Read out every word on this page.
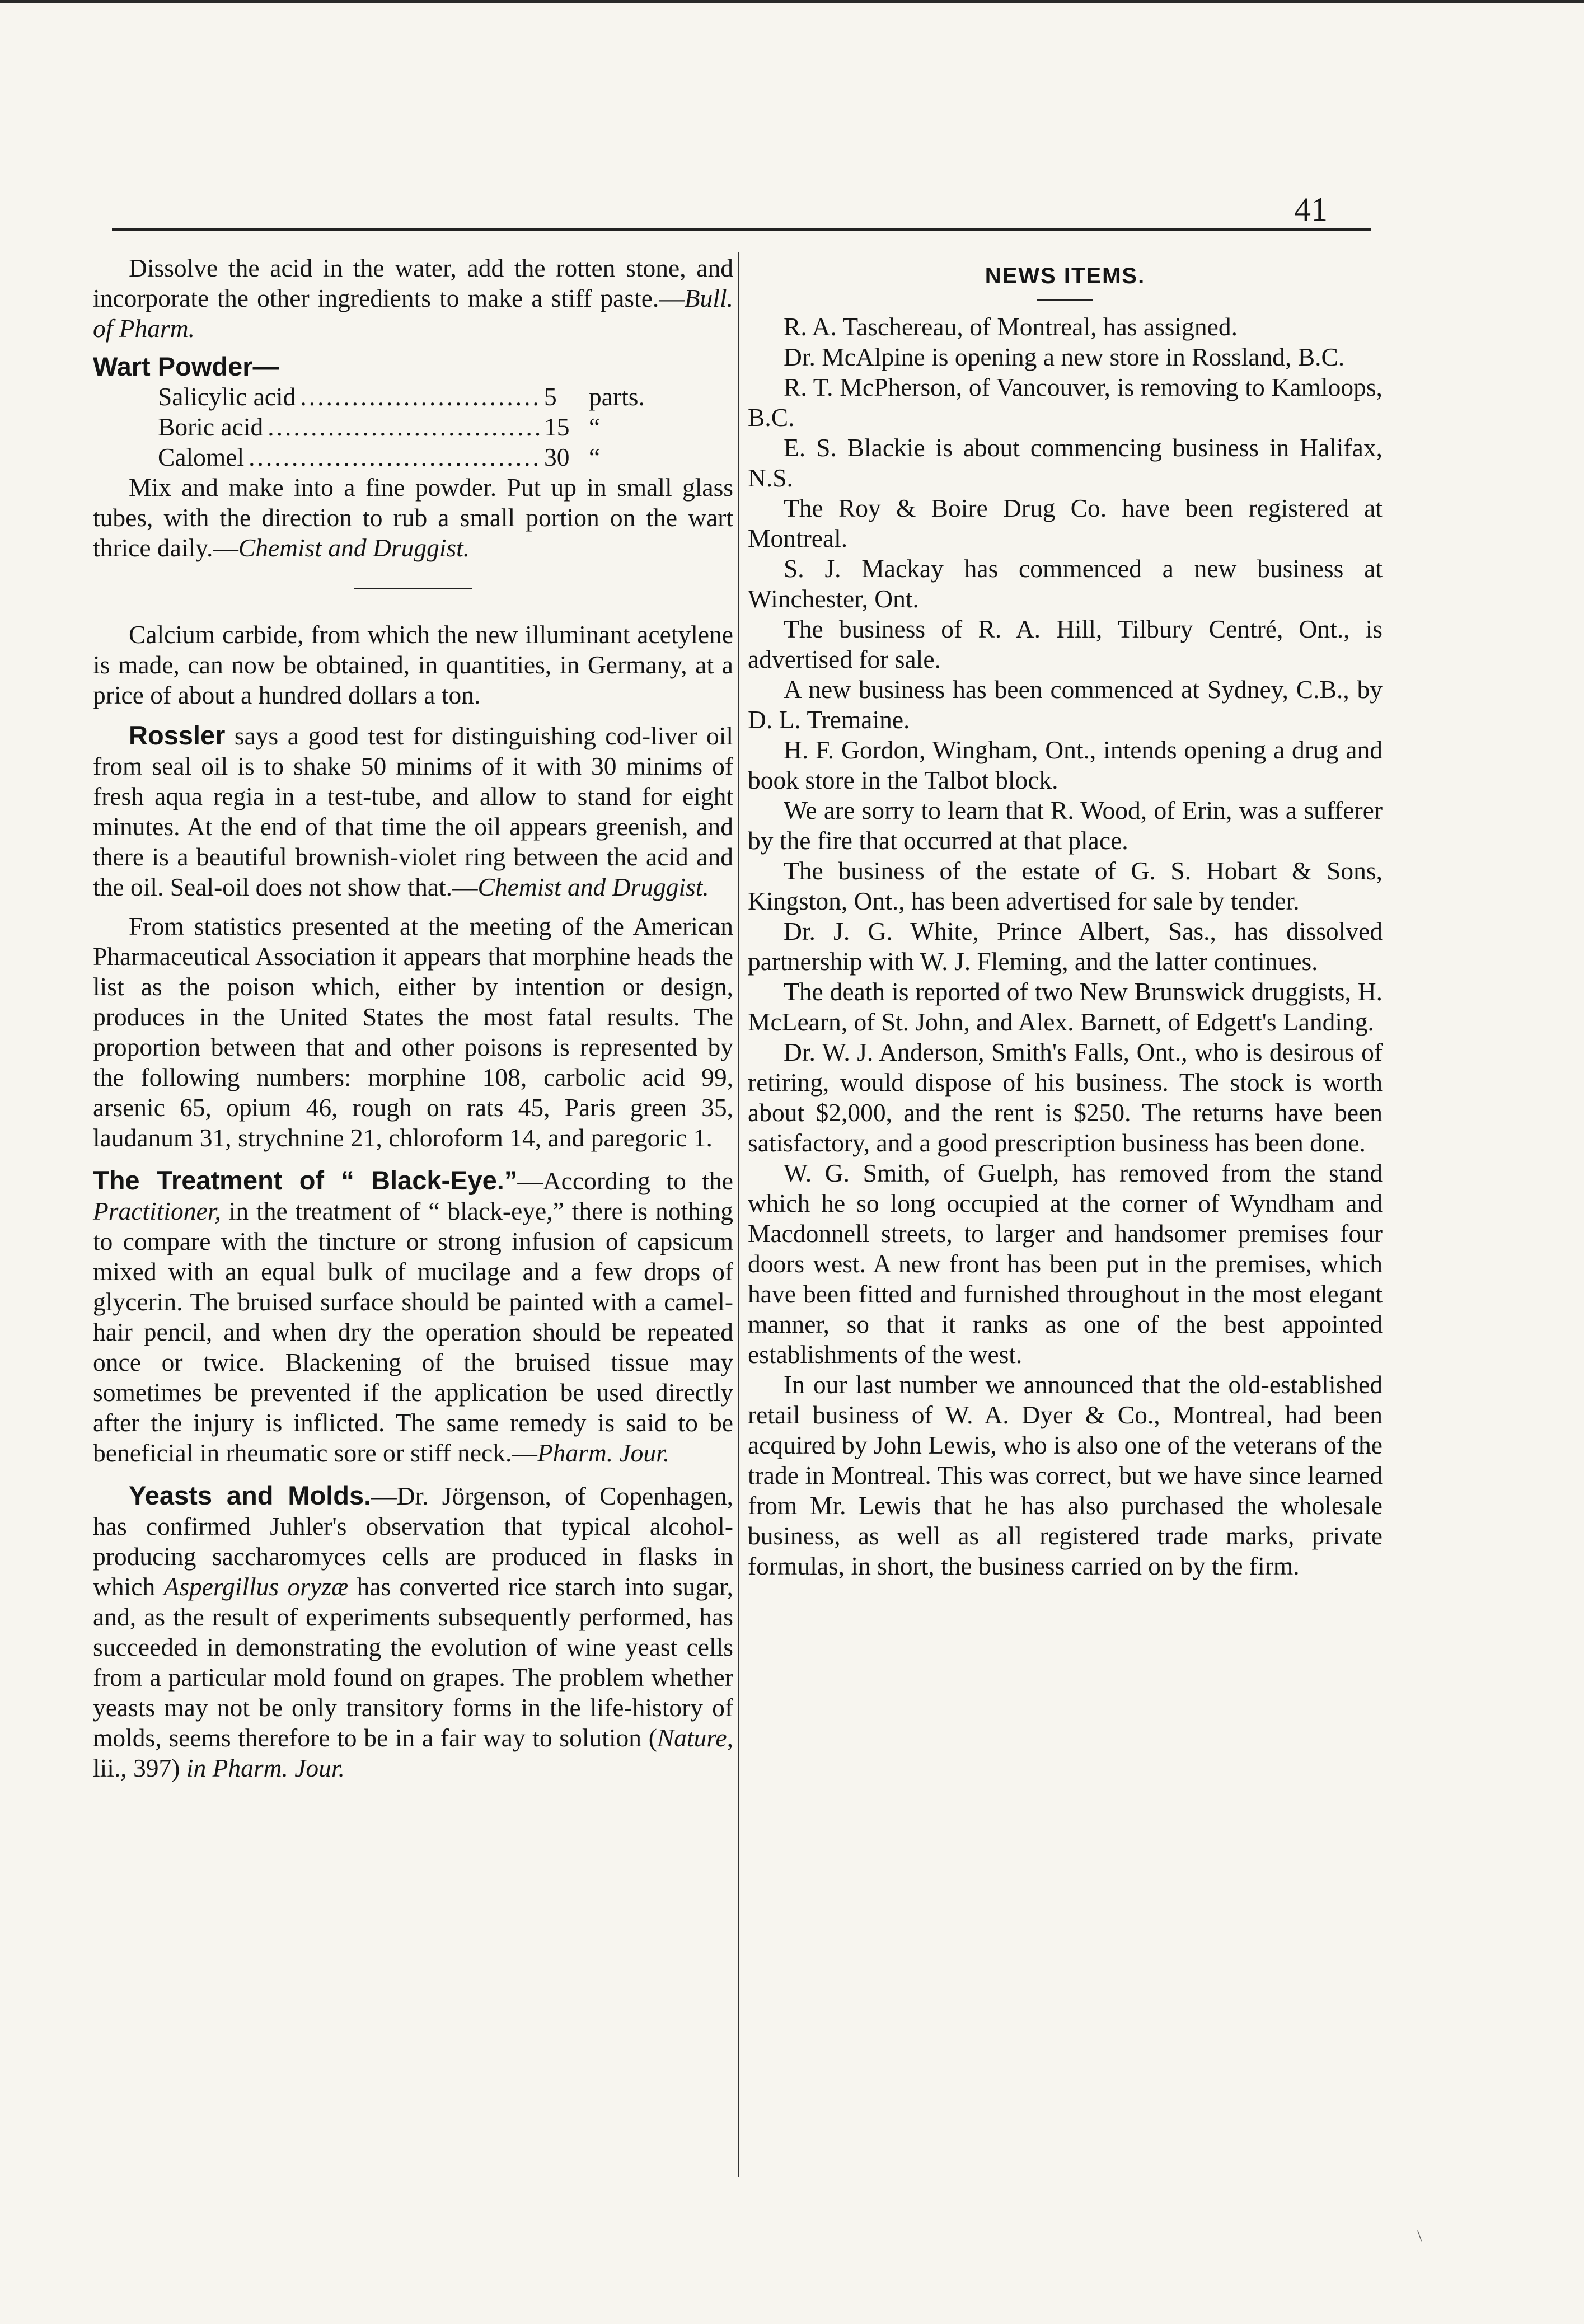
41

Dissolve the acid in the water, add the rotten stone, and incorporate the other ingredients to make a stiff paste.—Bull. of Pharm.

Wart Powder—
Salicylic acid .....	5	parts.
Boric acid .....	15 “
Calomel .....	30 “

Mix and make into a fine powder. Put up in small glass tubes, with the direction to rub a small portion on the wart thrice daily.—Chemist and Druggist.

Calcium carbide, from which the new illuminant acetylene is made, can now be obtained, in quantities, in Germany, at a price of about a hundred dollars a ton.

Rossler says a good test for distinguishing cod-liver oil from seal oil is to shake 50 minims of it with 30 minims of fresh aqua regia in a test-tube, and allow to stand for eight minutes. At the end of that time the oil appears greenish, and there is a beautiful brownish-violet ring between the acid and the oil. Seal-oil does not show that.—Chemist and Druggist.

From statistics presented at the meeting of the American Pharmaceutical Association it appears that morphine heads the list as the poison which, either by intention or design, produces in the United States the most fatal results. The proportion between that and other poisons is represented by the following numbers: morphine 108, carbolic acid 99, arsenic 65, opium 46, rough on rats 45, Paris green 35, laudanum 31, strychnine 21, chloroform 14, and paregoric 1.

The Treatment of “ Black-Eye.”—According to the Practitioner, in the treatment of “ black-eye,” there is nothing to compare with the tincture or strong infusion of capsicum mixed with an equal bulk of mucilage and a few drops of glycerin. The bruised surface should be painted with a camel-hair pencil, and when dry the operation should be repeated once or twice. Blackening of the bruised tissue may sometimes be prevented if the application be used directly after the injury is inflicted. The same remedy is said to be beneficial in rheumatic sore or stiff neck.—Pharm. Jour.

Yeasts and Molds.—Dr. Jörgenson, of Copenhagen, has confirmed Juhler's observation that typical alcohol-producing saccharomyces cells are produced in flasks in which Aspergillus oryzæ has converted rice starch into sugar, and, as the result of experiments subsequently performed, has succeeded in demonstrating the evolution of wine yeast cells from a particular mold found on grapes. The problem whether yeasts may not be only transitory forms in the life-history of molds, seems therefore to be in a fair way to solution (Nature, lii., 397) in Pharm. Jour.

NEWS ITEMS.

R. A. Taschereau, of Montreal, has assigned.

Dr. McAlpine is opening a new store in Rossland, B.C.

R. T. McPherson, of Vancouver, is removing to Kamloops, B.C.

E. S. Blackie is about commencing business in Halifax, N.S.

The Roy & Boire Drug Co. have been registered at Montreal.

S. J. Mackay has commenced a new business at Winchester, Ont.

The business of R. A. Hill, Tilbury Centré, Ont., is advertised for sale.

A new business has been commenced at Sydney, C.B., by D. L. Tremaine.

H. F. Gordon, Wingham, Ont., intends opening a drug and book store in the Talbot block.

We are sorry to learn that R. Wood, of Erin, was a sufferer by the fire that occurred at that place.

The business of the estate of G. S. Hobart & Sons, Kingston, Ont., has been advertised for sale by tender.

Dr. J. G. White, Prince Albert, Sas., has dissolved partnership with W. J. Fleming, and the latter continues.

The death is reported of two New Brunswick druggists, H. McLearn, of St. John, and Alex. Barnett, of Edgett's Landing.

Dr. W. J. Anderson, Smith's Falls, Ont., who is desirous of retiring, would dispose of his business. The stock is worth about $2,000, and the rent is $250. The returns have been satisfactory, and a good prescription business has been done.

W. G. Smith, of Guelph, has removed from the stand which he so long occupied at the corner of Wyndham and Macdonnell streets, to larger and handsomer premises four doors west. A new front has been put in the premises, which have been fitted and furnished throughout in the most elegant manner, so that it ranks as one of the best appointed establishments of the west.

In our last number we announced that the old-established retail business of W. A. Dyer & Co., Montreal, had been acquired by John Lewis, who is also one of the veterans of the trade in Montreal. This was correct, but we have since learned from Mr. Lewis that he has also purchased the wholesale business, as well as all registered trade marks, private formulas, in short, the business carried on by the firm.

\
